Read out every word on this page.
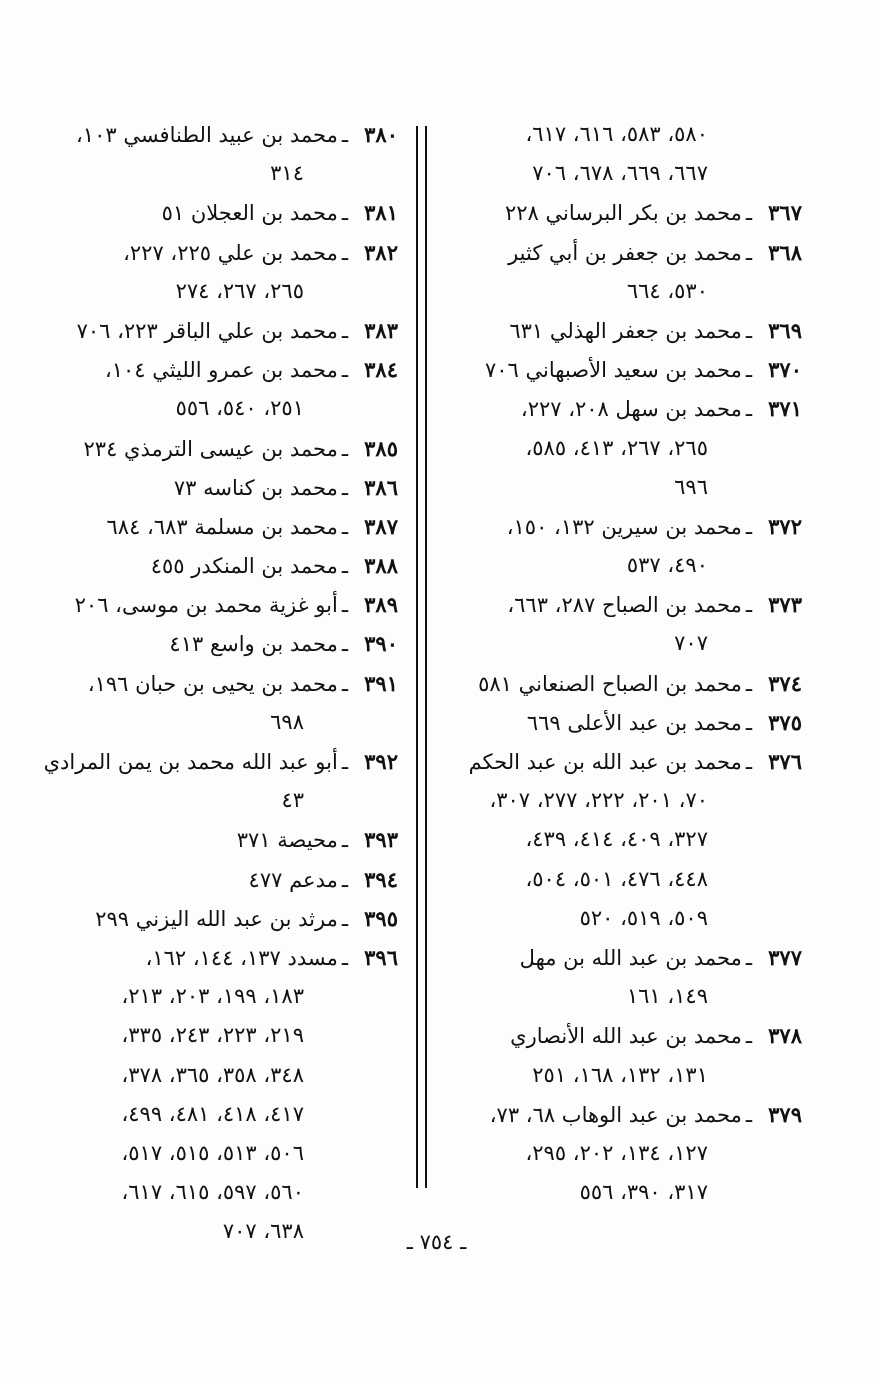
٥٨٠، ٥٨٣، ٦١٦، ٦١٧،
٦٦٧، ٦٦٩، ٦٧٨، ٧٠٦
٣٦٧ـمحمد بن بكر البرساني ٢٢٨
٣٦٨ـمحمد بن جعفر بن أبي كثير
٥٣٠، ٦٦٤
٣٦٩ـمحمد بن جعفر الهذلي ٦٣١
٣٧٠ـمحمد بن سعيد الأصبهاني ٧٠٦
٣٧١ـمحمد بن سهل ٢٠٨، ٢٢٧،
٢٦٥، ٢٦٧، ٤١٣، ٥٨٥،
٦٩٦
٣٧٢ـمحمد بن سيرين ١٣٢، ١٥٠،
٤٩٠، ٥٣٧
٣٧٣ـمحمد بن الصباح ٢٨٧، ٦٦٣،
٧٠٧
٣٧٤ـمحمد بن الصباح الصنعاني ٥٨١
٣٧٥ـمحمد بن عبد الأعلى ٦٦٩
٣٧٦ـمحمد بن عبد الله بن عبد الحكم
٧٠، ٢٠١، ٢٢٢، ٢٧٧، ٣٠٧،
٣٢٧، ٤٠٩، ٤١٤، ٤٣٩،
٤٤٨، ٤٧٦، ٥٠١، ٥٠٤،
٥٠٩، ٥١٩، ٥٢٠
٣٧٧ـمحمد بن عبد الله بن مهل
١٤٩، ١٦١
٣٧٨ـمحمد بن عبد الله الأنصاري
١٣١، ١٣٢، ١٦٨، ٢٥١
٣٧٩ـمحمد بن عبد الوهاب ٦٨، ٧٣،
١٢٧، ١٣٤، ٢٠٢، ٢٩٥،
٣١٧، ٣٩٠، ٥٥٦
٣٨٠ـمحمد بن عبيد الطنافسي ١٠٣،
٣١٤
٣٨١ـمحمد بن العجلان ٥١
٣٨٢ـمحمد بن علي ٢٢٥، ٢٢٧،
٢٦٥، ٢٦٧، ٢٧٤
٣٨٣ـمحمد بن علي الباقر ٢٢٣، ٧٠٦
٣٨٤ـمحمد بن عمرو الليثي ١٠٤،
٢٥١، ٥٤٠، ٥٥٦
٣٨٥ـمحمد بن عيسى الترمذي ٢٣٤
٣٨٦ـمحمد بن كناسه ٧٣
٣٨٧ـمحمد بن مسلمة ٦٨٣، ٦٨٤
٣٨٨ـمحمد بن المنكدر ٤٥٥
٣٨٩ـأبو غزية محمد بن موسى، ٢٠٦
٣٩٠ـمحمد بن واسع ٤١٣
٣٩١ـمحمد بن يحيى بن حبان ١٩٦،
٦٩٨
٣٩٢ـأبو عبد الله محمد بن يمن المرادي
٤٣
٣٩٣ـمحيصة ٣٧١
٣٩٤ـمدعم ٤٧٧
٣٩٥ـمرثد بن عبد الله اليزني ٢٩٩
٣٩٦ـمسدد ١٣٧، ١٤٤، ١٦٢،
١٨٣، ١٩٩، ٢٠٣، ٢١٣،
٢١٩، ٢٢٣، ٢٤٣، ٣٣٥،
٣٤٨، ٣٥٨، ٣٦٥، ٣٧٨،
٤١٧، ٤١٨، ٤٨١، ٤٩٩،
٥٠٦، ٥١٣، ٥١٥، ٥١٧،
٥٦٠، ٥٩٧، ٦١٥، ٦١٧،
٦٣٨، ٧٠٧	ـ ٧٥٤ ـ
